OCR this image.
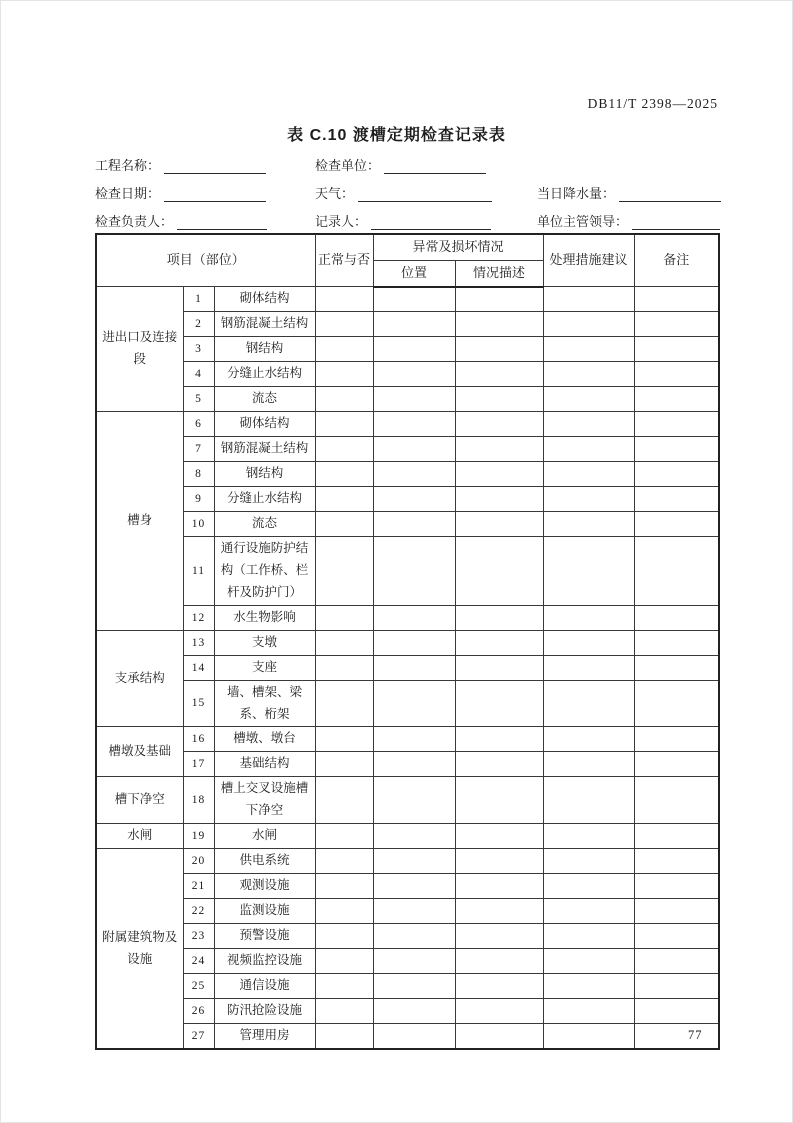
DB11/T 2398—2025
表 C.10 渡槽定期检查记录表
工程名称：	检查单位：
检查日期：	天气：	当日降水量：
检查负责人：	记录人：	单位主管领导：
项目（部位）			正常与否	异常及损坏情况		处理措施建议	备注
				位置	情况描述		
进出口及连接段	1	砌体结构					
	2	钢筋混凝土结构					
	3	钢结构					
	4	分缝止水结构					
	5	流态					
槽身	6	砌体结构					
	7	钢筋混凝土结构					
	8	钢结构					
	9	分缝止水结构					
	10	流态					
	11	通行设施防护结构（工作桥、栏杆及防护门）					
	12	水生物影响					
支承结构	13	支墩					
	14	支座					
	15	墙、槽架、梁系、桁架					
槽墩及基础	16	槽墩、墩台					
	17	基础结构					
槽下净空	18	槽上交叉设施槽下净空					
水闸	19	水闸					
附属建筑物及设施	20	供电系统					
	21	观测设施					
	22	监测设施					
	23	预警设施					
	24	视频监控设施					
	25	通信设施					
	26	防汛抢险设施					
	27	管理用房						77
